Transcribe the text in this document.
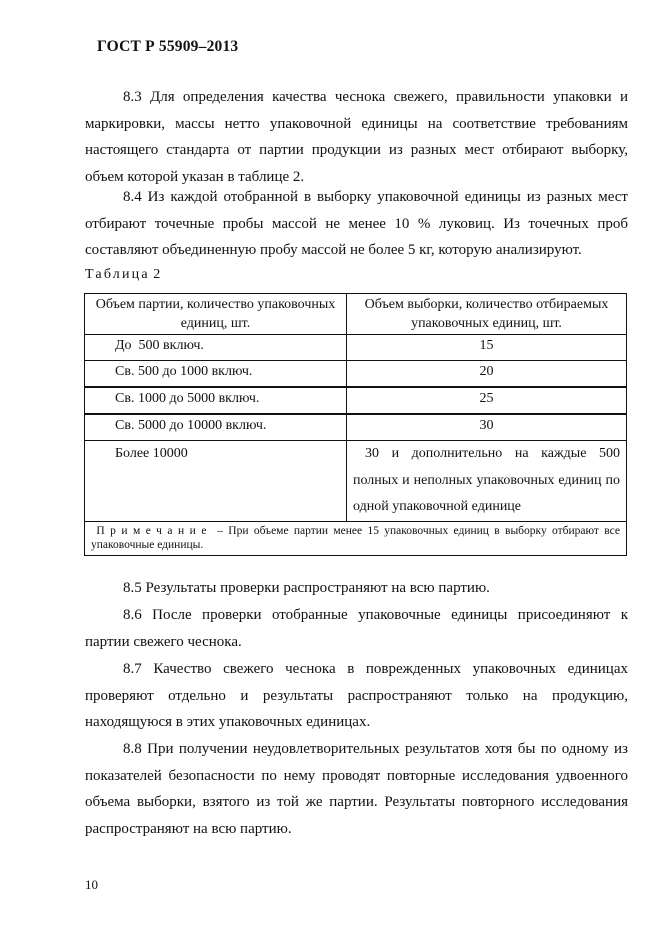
ГОСТ Р 55909–2013
8.3 Для определения качества чеснока свежего, правильности упаковки и маркировки, массы нетто упаковочной единицы на соответствие требованиям настоящего стандарта от партии продукции из разных мест отбирают выборку, объем которой указан в таблице 2.
8.4 Из каждой отобранной в выборку упаковочной единицы из разных мест отбирают точечные пробы массой не менее 10 % луковиц. Из точечных проб составляют объединенную пробу массой не более 5 кг, которую анализируют.
Таблица 2
Объем партии, количество упаковочных единиц, шт.	Объем выборки, количество отбираемых упаковочных единиц, шт.
До  500 включ.	15
Св. 500 до 1000 включ.	20
Св. 1000 до 5000 включ.	25
Св. 5000 до 10000 включ.	30
Более 10000	30 и дополнительно на каждые 500 полных и неполных упаковочных единиц по одной упаковочной единице
Примечание – При объеме партии менее 15 упаковочных единиц в выборку отбирают все упаковочные единицы.	
8.5 Результаты проверки распространяют на всю партию.
8.6 После проверки отобранные упаковочные единицы присоединяют к партии свежего чеснока.
8.7 Качество свежего чеснока в поврежденных упаковочных единицах проверяют отдельно и результаты распространяют только на продукцию, находящуюся в этих упаковочных единицах.
8.8 При получении неудовлетворительных результатов хотя бы по одному из показателей безопасности по нему проводят повторные исследования удвоенного объема выборки, взятого из той же партии. Результаты повторного исследования распространяют на всю партию.
10
